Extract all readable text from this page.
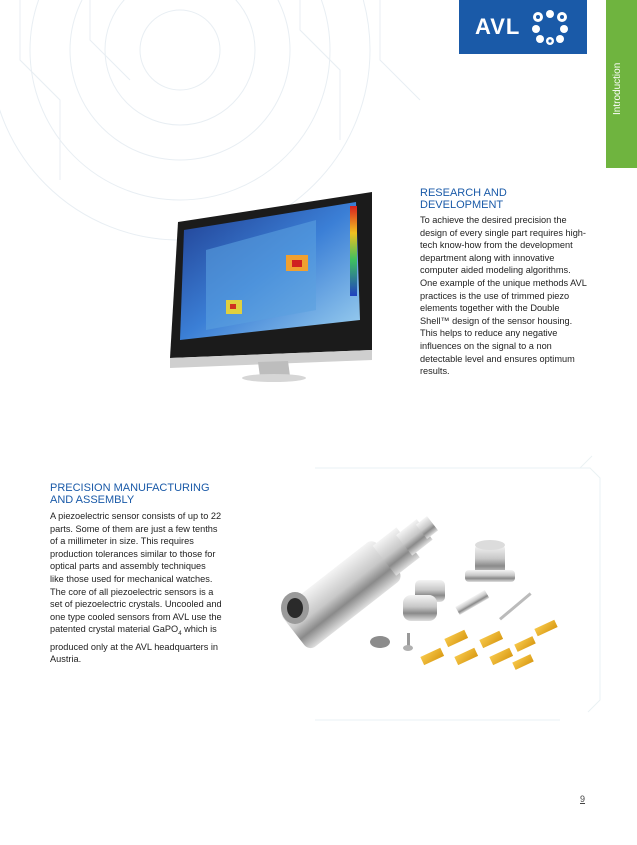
AVL
RESEARCH AND DEVELOPMENT

To achieve the desired precision the design of every single part requires high-tech know-how from the development department along with innovative computer aided modeling algorithms. One example of the unique methods AVL practices is the use of trimmed piezo elements together with the Double Shell™ design of the sensor housing. This helps to reduce any negative influences on the signal to a non detectable level and ensures optimum results.

PRECISION MANUFACTURING AND ASSEMBLY

A piezoelectric sensor consists of up to 22 parts. Some of them are just a few tenths of a millimeter in size. This requires production tolerances similar to those for optical parts and assembly techniques like those used for mechanical watches. The core of all piezoelectric sensors is a set of piezoelectric crystals. Uncooled and one type cooled sensors from AVL use the patented crystal material GaPO$_4$ which is produced only at the AVL headquarters in Austria.

9
